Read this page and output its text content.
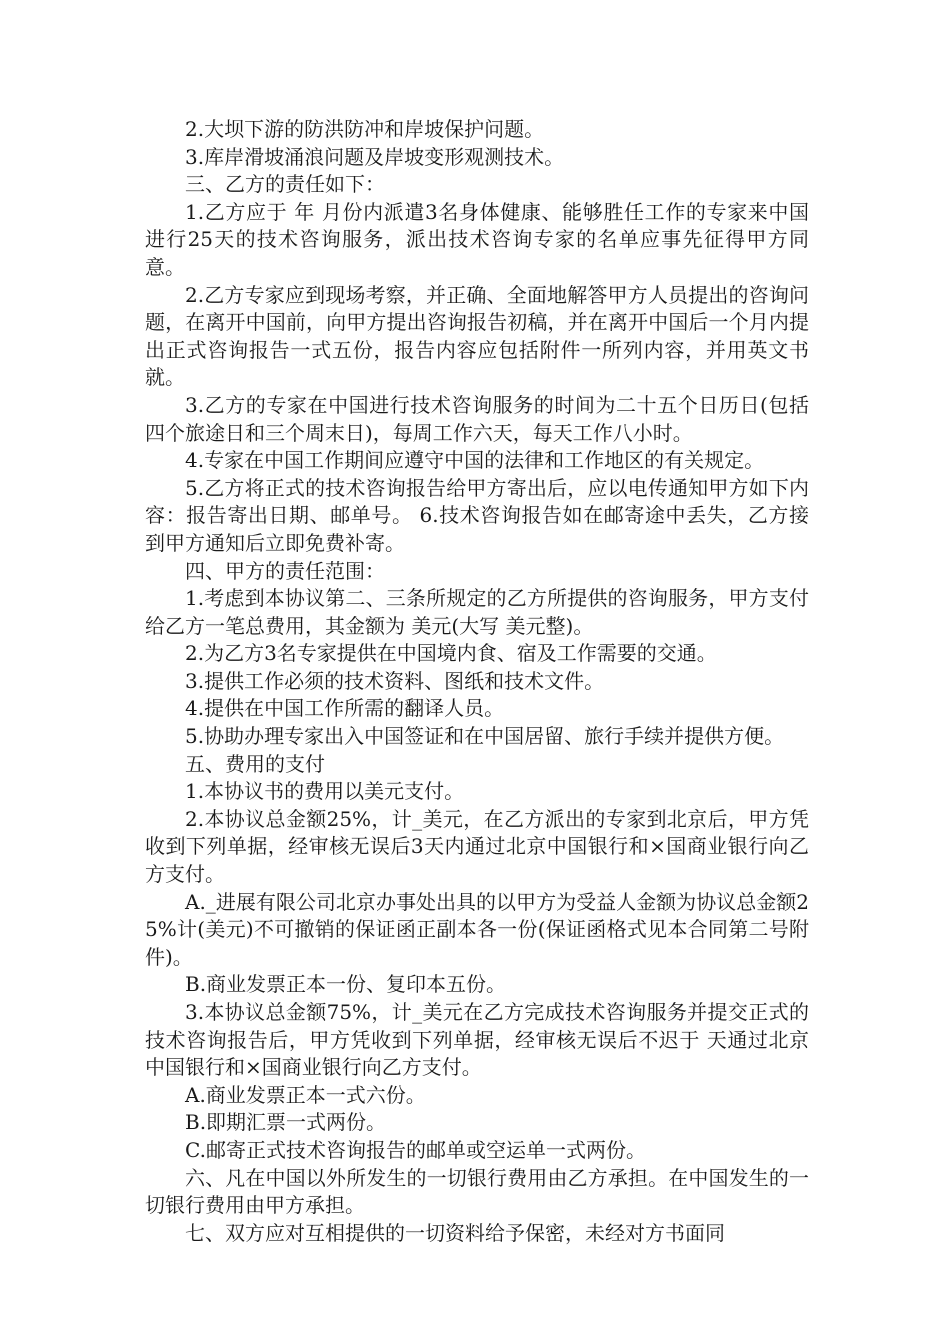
2.大坝下游的防洪防冲和岸坡保护问题。

3.库岸滑坡涌浪问题及岸坡变形观测技术。

三、乙方的责任如下：

1.乙方应于 年 月份内派遣3名身体健康、能够胜任工作的专家来中国进行25天的技术咨询服务，派出技术咨询专家的名单应事先征得甲方同意。

2.乙方专家应到现场考察，并正确、全面地解答甲方人员提出的咨询问题，在离开中国前，向甲方提出咨询报告初稿，并在离开中国后一个月内提出正式咨询报告一式五份，报告内容应包括附件一所列内容，并用英文书就。

3.乙方的专家在中国进行技术咨询服务的时间为二十五个日历日(包括四个旅途日和三个周末日)，每周工作六天，每天工作八小时。

4.专家在中国工作期间应遵守中国的法律和工作地区的有关规定。

5.乙方将正式的技术咨询报告给甲方寄出后，应以电传通知甲方如下内容：报告寄出日期、邮单号。 6.技术咨询报告如在邮寄途中丢失，乙方接到甲方通知后立即免费补寄。

四、甲方的责任范围：

1.考虑到本协议第二、三条所规定的乙方所提供的咨询服务，甲方支付给乙方一笔总费用，其金额为 美元(大写 美元整)。

2.为乙方3名专家提供在中国境内食、宿及工作需要的交通。

3.提供工作必须的技术资料、图纸和技术文件。

4.提供在中国工作所需的翻译人员。

5.协助办理专家出入中国签证和在中国居留、旅行手续并提供方便。

五、费用的支付

1.本协议书的费用以美元支付。

2.本协议总金额25%，计_美元，在乙方派出的专家到北京后，甲方凭收到下列单据，经审核无误后3天内通过北京中国银行和×国商业银行向乙方支付。

A._进展有限公司北京办事处出具的以甲方为受益人金额为协议总金额25%计(美元)不可撤销的保证函正副本各一份(保证函格式见本合同第二号附件)。

B.商业发票正本一份、复印本五份。

3.本协议总金额75%，计_美元在乙方完成技术咨询服务并提交正式的技术咨询报告后，甲方凭收到下列单据，经审核无误后不迟于 天通过北京中国银行和×国商业银行向乙方支付。

A.商业发票正本一式六份。

B.即期汇票一式两份。

C.邮寄正式技术咨询报告的邮单或空运单一式两份。

六、凡在中国以外所发生的一切银行费用由乙方承担。在中国发生的一切银行费用由甲方承担。

七、双方应对互相提供的一切资料给予保密，未经对方书面同
